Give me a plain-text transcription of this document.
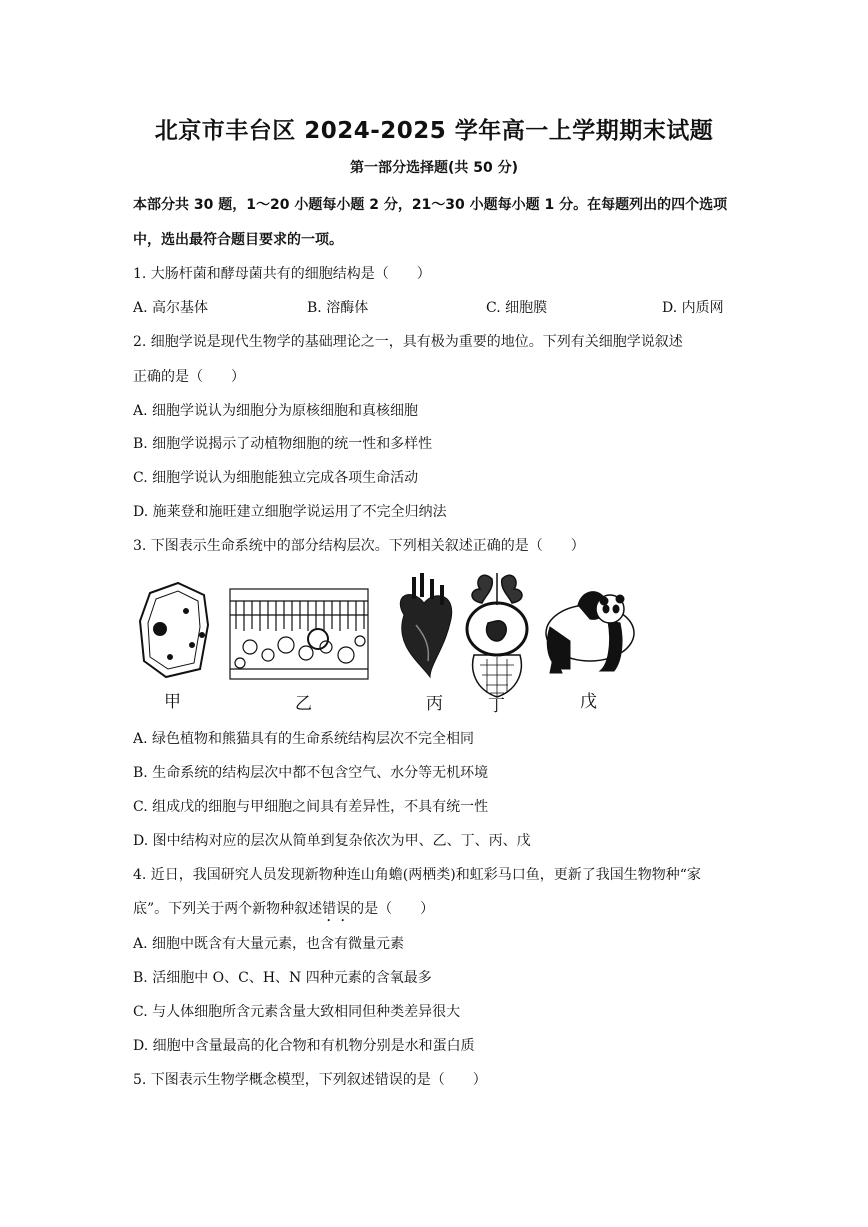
北京市丰台区 2024-2025 学年高一上学期期末试题
第一部分选择题(共 50 分)
本部分共 30 题，1～20 小题每小题 2 分，21～30 小题每小题 1 分。在每题列出的四个选项
中，选出最符合题目要求的一项。
1. 大肠杆菌和酵母菌共有的细胞结构是（　　）
A. 高尔基体	B. 溶酶体	C. 细胞膜	D. 内质网
2. 细胞学说是现代生物学的基础理论之一，具有极为重要的地位。下列有关细胞学说叙述
正确的是（　　）
A. 细胞学说认为细胞分为原核细胞和真核细胞
B. 细胞学说揭示了动植物细胞的统一性和多样性
C. 细胞学说认为细胞能独立完成各项生命活动
D. 施莱登和施旺建立细胞学说运用了不完全归纳法
3. 下图表示生命系统中的部分结构层次。下列相关叙述正确的是（　　）
甲	乙	丙	丁	戊
A. 绿色植物和熊猫具有的生命系统结构层次不完全相同
B. 生命系统的结构层次中都不包含空气、水分等无机环境
C. 组成戊的细胞与甲细胞之间具有差异性，不具有统一性
D. 图中结构对应的层次从简单到复杂依次为甲、乙、丁、丙、戊
4. 近日，我国研究人员发现新物种连山角蟾(两栖类)和虹彩马口鱼，更新了我国生物物种“家
底”。下列关于两个新物种叙述错误的是（　　）
A. 细胞中既含有大量元素，也含有微量元素
B. 活细胞中 O、C、H、N 四种元素的含氧最多
C. 与人体细胞所含元素含量大致相同但种类差异很大
D. 细胞中含量最高的化合物和有机物分别是水和蛋白质
5. 下图表示生物学概念模型，下列叙述错误的是（　　）
